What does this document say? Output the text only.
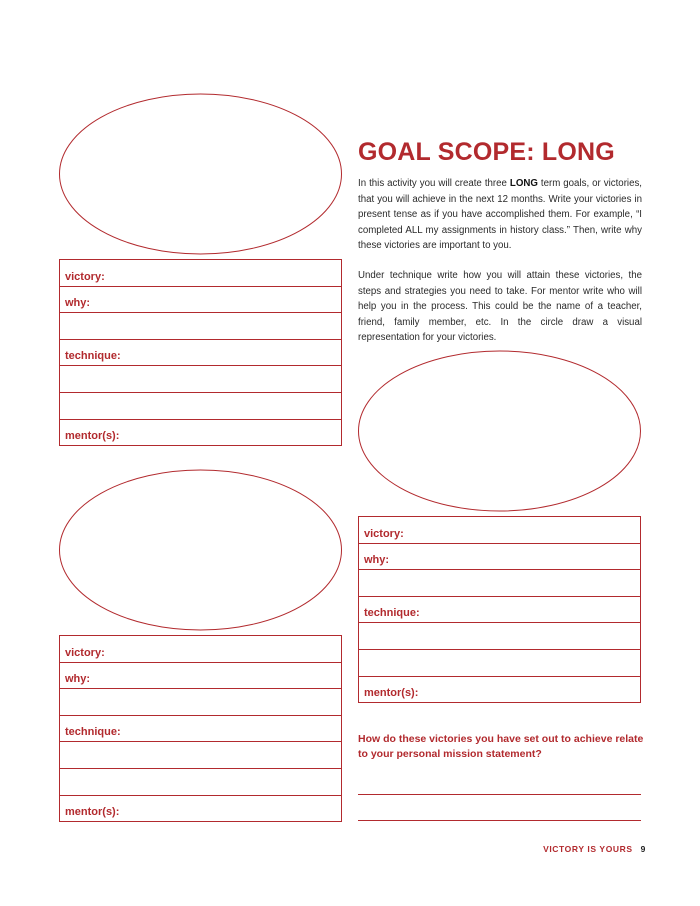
victory:
why:
technique:
mentor(s):
victory:
why:
technique:
mentor(s):
GOAL SCOPE: LONG

In this activity you will create three LONG term goals, or victories, that you will achieve in the next 12 months. Write your victories in present tense as if you have accomplished them. For example, “I completed ALL my assignments in history class.” Then, write why these victories are important to you.

Under technique write how you will attain these victories, the steps and strategies you need to take. For mentor write who will help you in the process. This could be the name of a teacher, friend, family member, etc. In the circle draw a visual representation for your victories.

victory:
why:
technique:
mentor(s):

How do these victories you have set out to achieve relate to your personal mission statement?

VICTORY IS YOURS 9
